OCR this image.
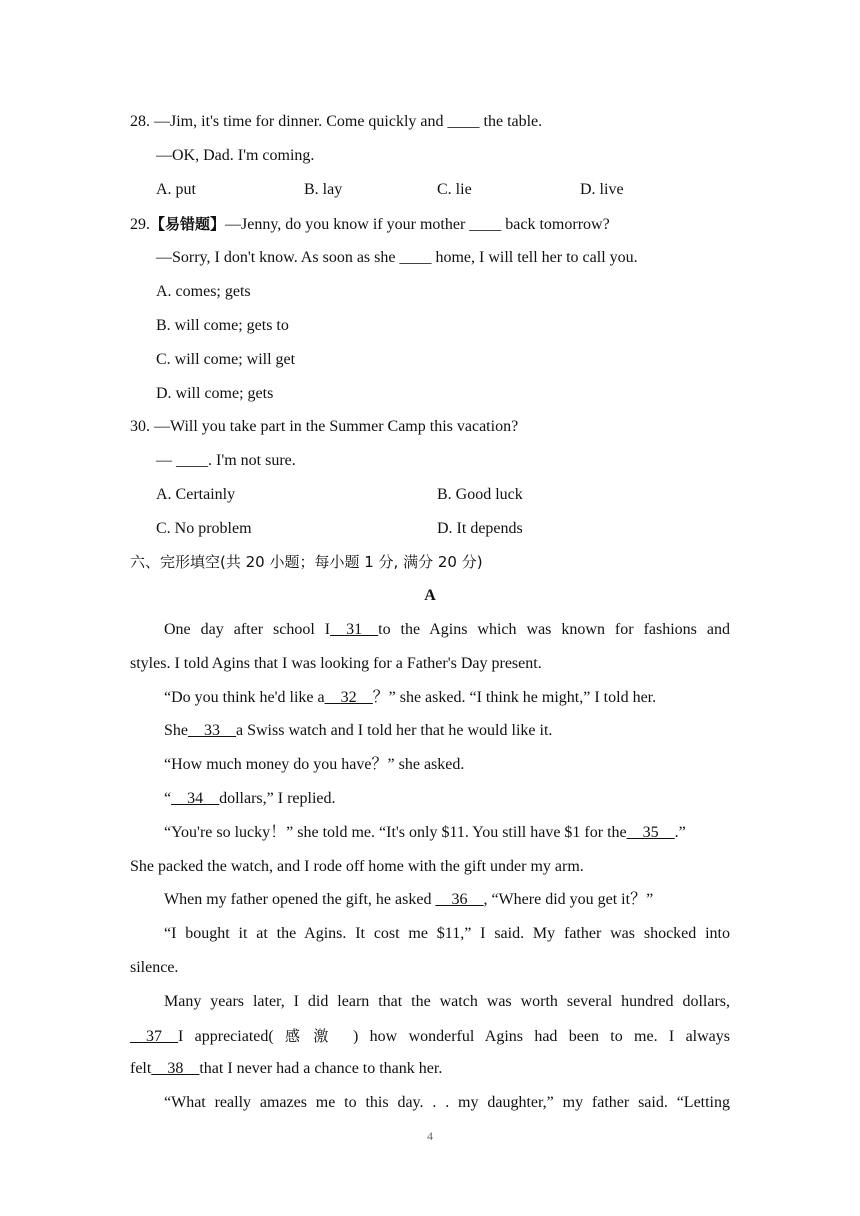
28. —Jim, it's time for dinner. Come quickly and ____ the table.
—OK, Dad. I'm coming.
A. put	B. lay	C. lie	D. live
29.【易错题】—Jenny, do you know if your mother ____ back tomorrow?
—Sorry, I don't know. As soon as she ____ home, I will tell her to call you.
A. comes; gets
B. will come; gets to
C. will come; will get
D. will come; gets
30. —Will you take part in the Summer Camp this vacation?
— ____. I'm not sure.
A. Certainly	B. Good luck
C. No problem	D. It depends
六、完形填空(共 20 小题；每小题 1 分, 满分 20 分)
A
One day after school I__31__to the Agins which was known for fashions and
styles. I told Agins that I was looking for a Father's Day present.
“Do you think he'd like a__32__？” she asked. “I think he might,” I told her.
She__33__a Swiss watch and I told her that he would like it.
“How much money do you have？” she asked.
“__34__dollars,” I replied.
“You're so lucky！” she told me. “It's only $11. You still have $1 for the__35__.”
She packed the watch, and I rode off home with the gift under my arm.
When my father opened the gift, he asked __36__, “Where did you get it？”
“I bought it at the Agins. It cost me $11,” I said. My father was shocked into
silence.
Many years later, I did learn that the watch was worth several hundred dollars,
__37__I appreciated( 感激 ) how wonderful Agins had been to me. I always
felt__38__that I never had a chance to thank her.
“What really amazes me to this day. . . my daughter,” my father said. “Letting
4
